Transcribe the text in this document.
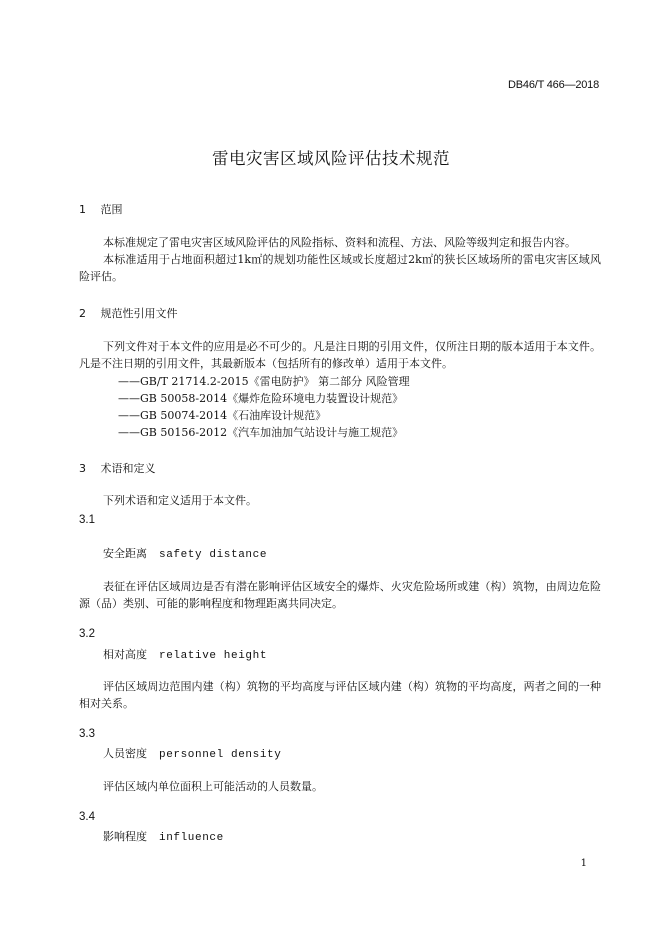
DB46/T 466—2018
雷电灾害区域风险评估技术规范
1 范围
本标准规定了雷电灾害区域风险评估的风险指标、资料和流程、方法、风险等级判定和报告内容。
本标准适用于占地面积超过1k㎡的规划功能性区域或长度超过2k㎡的狭长区域场所的雷电灾害区域风险评估。
2 规范性引用文件
下列文件对于本文件的应用是必不可少的。凡是注日期的引用文件，仅所注日期的版本适用于本文件。凡是不注日期的引用文件，其最新版本（包括所有的修改单）适用于本文件。
——GB/T 21714.2-2015《雷电防护》 第二部分 风险管理
——GB 50058-2014《爆炸危险环境电力装置设计规范》
——GB 50074-2014《石油库设计规范》
——GB 50156-2012《汽车加油加气站设计与施工规范》
3 术语和定义
下列术语和定义适用于本文件。
3.1
安全距离 safety distance
表征在评估区域周边是否有潜在影响评估区域安全的爆炸、火灾危险场所或建（构）筑物，由周边危险源（品）类别、可能的影响程度和物理距离共同决定。
3.2
相对高度 relative height
评估区域周边范围内建（构）筑物的平均高度与评估区域内建（构）筑物的平均高度，两者之间的一种相对关系。
3.3
人员密度 personnel density
评估区域内单位面积上可能活动的人员数量。
3.4
影响程度 influence
1
